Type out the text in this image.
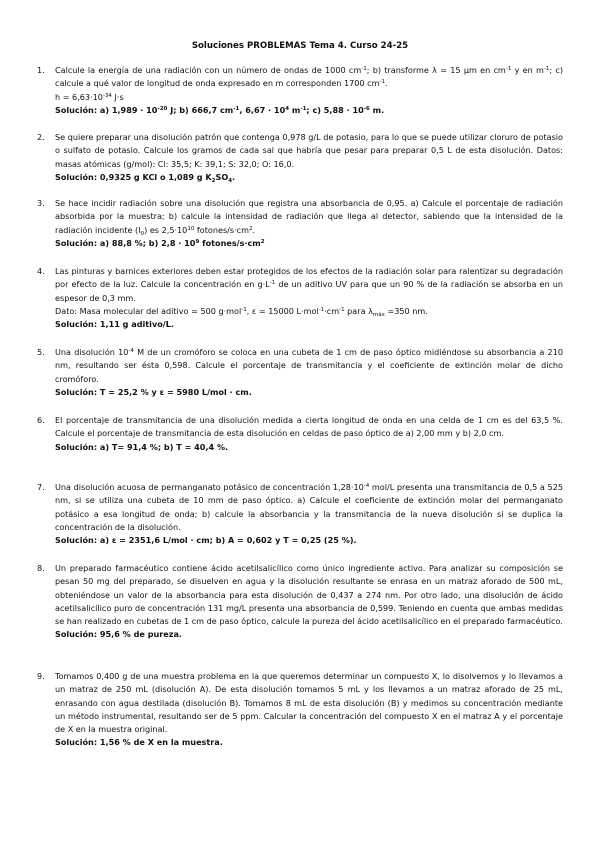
Soluciones PROBLEMAS Tema 4. Curso 24-25
1.	Calcule la energía de una radiación con un número de ondas de 1000 $cm^{-1}$; b) transforme λ = 15 μm en $cm^{-1}$ y en $m^{-1}$; c) calcule a qué valor de longitud de onda expresado en m corresponden 1700 $cm^{-1}$.
$h = 6,63\cdot 10^{-34}$ J·s
Solución: a) $1,989 \cdot 10^{-20}$ J; b) 666,7 $cm^{-1}$, $6,67 \cdot 10^4$ $m^{-1}$; c) $5,88 \cdot 10^{-6}$ m.
2.	Se quiere preparar una disolución patrón que contenga 0,978 g/L de potasio, para lo que se puede utilizar cloruro de potasio o sulfato de potasio. Calcule los gramos de cada sal que habría que pesar para preparar 0,5 L de esta disolución. Datos: masas atómicas (g/mol): Cl: 35,5; K: 39,1; S: 32,0; O: 16,0.
Solución: 0,9325 g KCl o 1,089 g $K_2SO_4$.
3.	Se hace incidir radiación sobre una disolución que registra una absorbancia de 0,95. a) Calcule el porcentaje de radiación absorbida por la muestra; b) calcule la intensidad de radiación que llega al detector, sabiendo que la intensidad de la radiación incidente $(I_0)$ es $2,5\cdot 10^{10}$ fotones/$s\cdot cm^2$.
Solución: a) 88,8 %; b) $2,8 \cdot 10^9$ fotones/$s\cdot cm^2$
4.	Las pinturas y barnices exteriores deben estar protegidos de los efectos de la radiación solar para ralentizar su degradación por efecto de la luz. Calcule la concentración en $g\cdot L^{-1}$ de un aditivo UV para que un 90 % de la radiación se absorba en un espesor de 0,3 mm.
Dato: Masa molecular del aditivo = 500 g·mol$^{-1}$, ε = 15000 $L\cdot mol^{-1}\cdot cm^{-1}$ para $\lambda_{máx} =350$ nm.
Solución: 1,11 g aditivo/L.
5.	Una disolución $10^{-4}$ M de un cromóforo se coloca en una cubeta de 1 cm de paso óptico midiéndose su absorbancia a 210 nm, resultando ser ésta 0,598. Calcule el porcentaje de transmitancia y el coeficiente de extinción molar de dicho cromóforo.
Solución: T = 25,2 % y ε = 5980 L/mol · cm.
6.	El porcentaje de transmitancia de una disolución medida a cierta longitud de onda en una celda de 1 cm es del 63,5 %. Calcule el porcentaje de transmitancia de esta disolución en celdas de paso óptico de a) 2,00 mm y b) 2,0 cm.
Solución: a) T= 91,4 %; b) T = 40,4 %.
7.	Una disolución acuosa de permanganato potásico de concentración $1,28\cdot 10^{-4}$ mol/L presenta una transmitancia de 0,5 a 525 nm, si se utiliza una cubeta de 10 mm de paso óptico. a) Calcule el coeficiente de extinción molar del permanganato potásico a esa longitud de onda; b) calcule la absorbancia y la transmitancia de la nueva disolución si se duplica la concentración de la disolución.
Solución: a) ε = 2351,6 L/mol · cm; b) A = 0,602 y T = 0,25 (25 %).
8.	Un preparado farmacéutico contiene ácido acetilsalicílico como único ingrediente activo. Para analizar su composición se pesan 50 mg del preparado, se disuelven en agua y la disolución resultante se enrasa en un matraz aforado de 500 mL, obteniéndose un valor de la absorbancia para esta disolución de 0,437 a 274 nm. Por otro lado, una disolución de ácido acetilsalicílico puro de concentración 131 mg/L presenta una absorbancia de 0,599. Teniendo en cuenta que ambas medidas se han realizado en cubetas de 1 cm de paso óptico, calcule la pureza del ácido acetilsalicílico en el preparado farmacéutico.
Solución: 95,6 % de pureza.
9.	Tomamos 0,400 g de una muestra problema en la que queremos determinar un compuesto X, lo disolvemos y lo llevamos a un matraz de 250 mL (disolución A). De esta disolución tomamos 5 mL y los llevamos a un matraz aforado de 25 mL, enrasando con agua destilada (disolución B). Tomamos 8 mL de esta disolución (B) y medimos su concentración mediante un método instrumental, resultando ser de 5 ppm. Calcular la concentración del compuesto X en el matraz A y el porcentaje de X en la muestra original.
Solución: 1,56 % de X en la muestra.
